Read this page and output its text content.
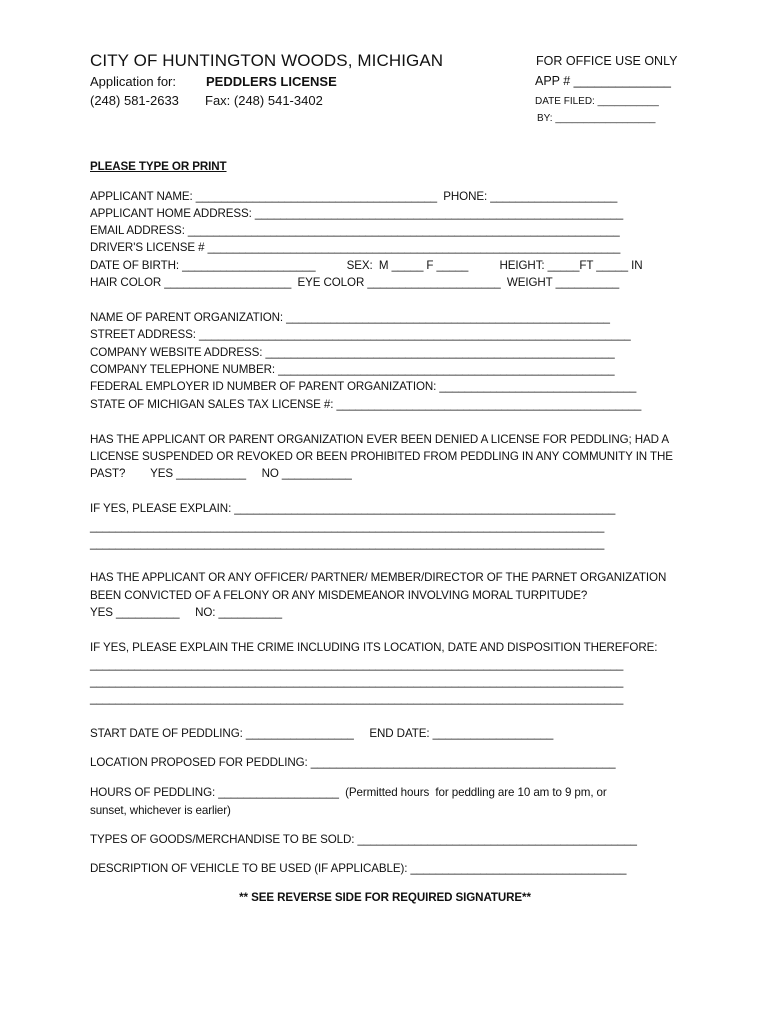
CITY OF HUNTINGTON WOODS, MICHIGAN
Application for: PEDDLERS LICENSE
(248) 581-2633 Fax: (248) 541-3402
FOR OFFICE USE ONLY
APP # ______________
DATE FILED: ___________
BY: __________________
PLEASE TYPE OR PRINT
APPLICANT NAME: ______________________________________  PHONE: ____________________
APPLICANT HOME ADDRESS: __________________________________________________________
EMAIL ADDRESS: ____________________________________________________________________
DRIVER'S LICENSE # _________________________________________________________________
DATE OF BIRTH: _____________________          SEX:  M _____ F _____          HEIGHT: _____FT _____ IN
HAIR COLOR ____________________  EYE COLOR _____________________  WEIGHT __________
NAME OF PARENT ORGANIZATION: ___________________________________________________
STREET ADDRESS: ____________________________________________________________________
COMPANY WEBSITE ADDRESS: _______________________________________________________
COMPANY TELEPHONE NUMBER: _____________________________________________________
FEDERAL EMPLOYER ID NUMBER OF PARENT ORGANIZATION: _______________________________
STATE OF MICHIGAN SALES TAX LICENSE #: ________________________________________________
HAS THE APPLICANT OR PARENT ORGANIZATION EVER BEEN DENIED A LICENSE FOR PEDDLING; HAD A
LICENSE SUSPENDED OR REVOKED OR BEEN PROHIBITED FROM PEDDLING IN ANY COMMUNITY IN THE
PAST?        YES ___________     NO ___________
IF YES, PLEASE EXPLAIN: ____________________________________________________________
_________________________________________________________________________________
_________________________________________________________________________________
HAS THE APPLICANT OR ANY OFFICER/ PARTNER/ MEMBER/DIRECTOR OF THE PARNET ORGANIZATION
BEEN CONVICTED OF A FELONY OR ANY MISDEMEANOR INVOLVING MORAL TURPITUDE?
YES __________     NO: __________
IF YES, PLEASE EXPLAIN THE CRIME INCLUDING ITS LOCATION, DATE AND DISPOSITION THEREFORE:
____________________________________________________________________________________
____________________________________________________________________________________
____________________________________________________________________________________
START DATE OF PEDDLING: _________________     END DATE: ___________________
LOCATION PROPOSED FOR PEDDLING: ________________________________________________
HOURS OF PEDDLING: ___________________  (Permitted hours  for peddling are 10 am to 9 pm, or
sunset, whichever is earlier)
TYPES OF GOODS/MERCHANDISE TO BE SOLD: ____________________________________________
DESCRIPTION OF VEHICLE TO BE USED (IF APPLICABLE): __________________________________
** SEE REVERSE SIDE FOR REQUIRED SIGNATURE**
